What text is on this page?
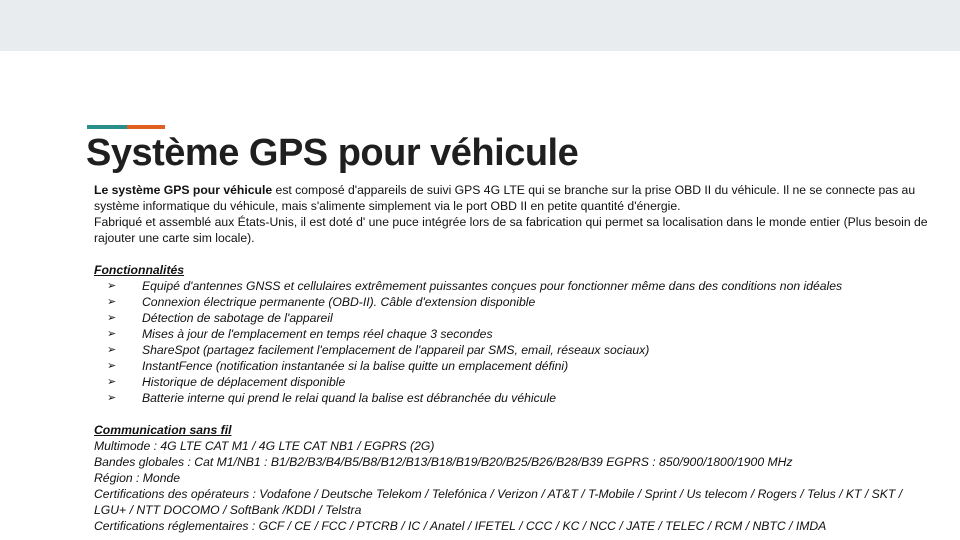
Système GPS pour véhicule

Le système GPS pour véhicule est composé d'appareils de suivi GPS 4G LTE qui se branche sur la prise OBD II du véhicule. Il ne se connecte pas au système informatique du véhicule, mais s'alimente simplement via le port OBD II en petite quantité d'énergie.

Fabriqué et assemblé aux États-Unis, il est doté d' une puce intégrée lors de sa fabrication qui permet sa localisation dans le monde entier (Plus besoin de rajouter une carte sim locale).

Fonctionnalités
➢	Equipé d'antennes GNSS et cellulaires extrêmement puissantes conçues pour fonctionner même dans des conditions non idéales
➢	Connexion électrique permanente (OBD-II). Câble d'extension disponible
➢	Détection de sabotage de l'appareil
➢	Mises à jour de l'emplacement en temps réel chaque 3 secondes
➢	ShareSpot (partagez facilement l'emplacement de l'appareil par SMS, email, réseaux sociaux)
➢	InstantFence (notification instantanée si la balise quitte un emplacement défini)
➢	Historique de déplacement disponible
➢	Batterie interne qui prend le relai quand la balise est débranchée du véhicule
Communication sans fil
Multimode : 4G LTE CAT M1 / 4G LTE CAT NB1 / EGPRS (2G)
Bandes globales : Cat M1/NB1 : B1/B2/B3/B4/B5/B8/B12/B13/B18/B19/B20/B25/B26/B28/B39 EGPRS : 850/900/1800/1900 MHz
Région : Monde
Certifications des opérateurs : Vodafone / Deutsche Telekom / Telefónica / Verizon / AT&T / T-Mobile / Sprint / Us telecom / Rogers / Telus / KT / SKT / LGU+ / NTT DOCOMO / SoftBank /KDDI / Telstra
Certifications réglementaires : GCF / CE / FCC / PTCRB / IC / Anatel / IFETEL / CCC / KC / NCC / JATE / TELEC / RCM / NBTC / IMDA
